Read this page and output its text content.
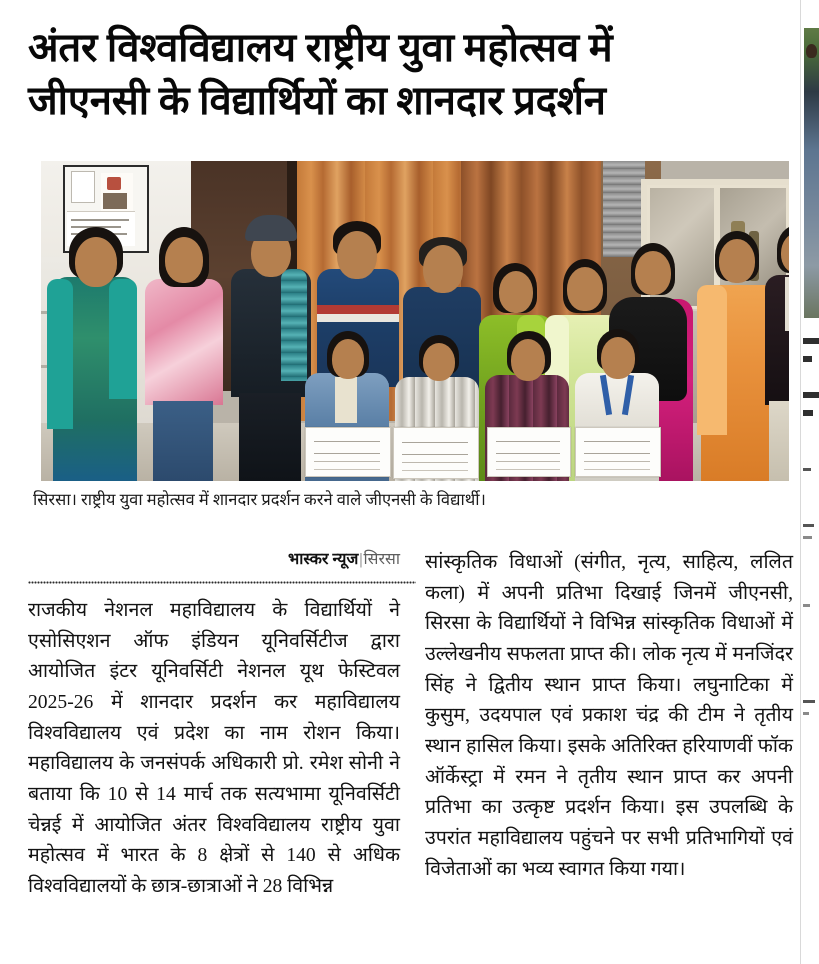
अंतर विश्वविद्यालय राष्ट्रीय युवा महोत्सव में
जीएनसी के विद्यार्थियों का शानदार प्रदर्शन
सिरसा। राष्ट्रीय युवा महोत्सव में शानदार प्रदर्शन करने वाले जीएनसी के विद्यार्थी।
भास्कर न्यूज|सिरसा

राजकीय नेशनल महाविद्यालय के विद्यार्थियों ने एसोसिएशन ऑफ इंडियन यूनिवर्सिटीज द्वारा आयोजित इंटर यूनिवर्सिटी नेशनल यूथ फेस्टिवल 2025-26 में शानदार प्रदर्शन कर महाविद्यालय विश्वविद्यालय एवं प्रदेश का नाम रोशन किया। महाविद्यालय के जनसंपर्क अधिकारी प्रो. रमेश सोनी ने बताया कि 10 से 14 मार्च तक सत्यभामा यूनिवर्सिटी चेन्नई में आयोजित अंतर विश्वविद्यालय राष्ट्रीय युवा महोत्सव में भारत के 8 क्षेत्रों से 140 से अधिक विश्वविद्यालयों के छात्र-छात्राओं ने 28 विभिन्न

सांस्कृतिक विधाओं (संगीत, नृत्य, साहित्य, ललित कला) में अपनी प्रतिभा दिखाई जिनमें जीएनसी, सिरसा के विद्यार्थियों ने विभिन्न सांस्कृतिक विधाओं में उल्लेखनीय सफलता प्राप्त की। लोक नृत्य में मनजिंदर सिंह ने द्वितीय स्थान प्राप्त किया। लघुनाटिका में कुसुम, उदयपाल एवं प्रकाश चंद्र की टीम ने तृतीय स्थान हासिल किया। इसके अतिरिक्त हरियाणवीं फॉक ऑर्केस्ट्रा में रमन ने तृतीय स्थान प्राप्त कर अपनी प्रतिभा का उत्कृष्ट प्रदर्शन किया। इस उपलब्धि के उपरांत महाविद्यालय पहुंचने पर सभी प्रतिभागियों एवं विजेताओं का भव्य स्वागत किया गया।
